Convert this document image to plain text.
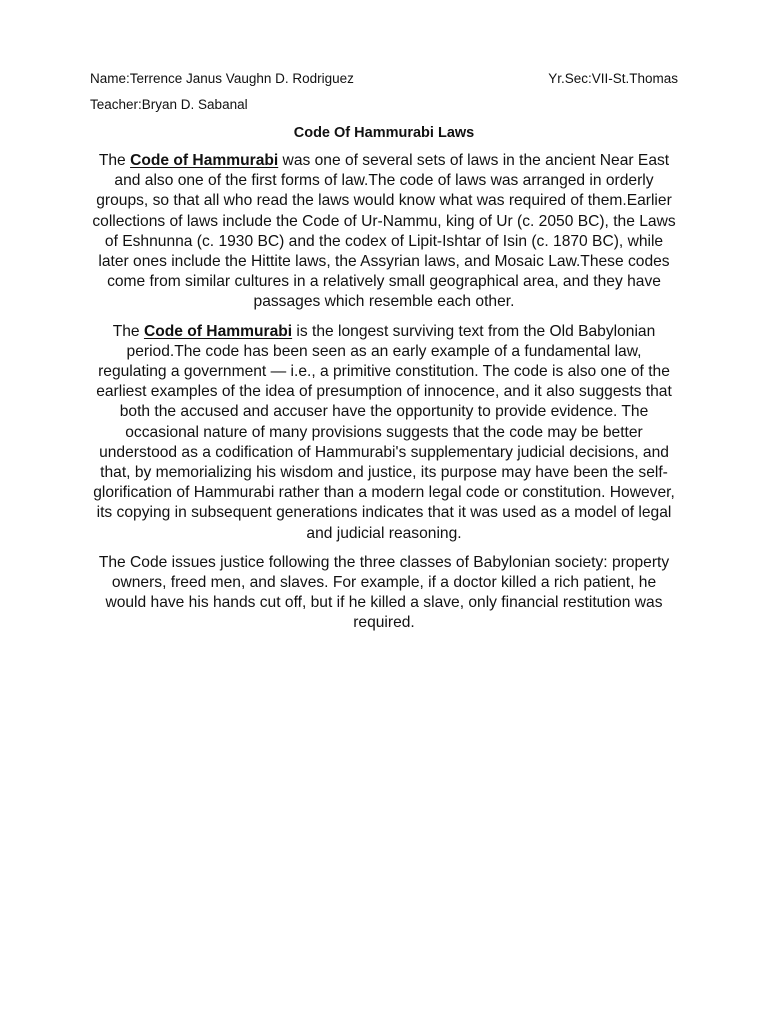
Name:Terrence Janus Vaughn D. Rodriguez	Yr.Sec:VII-St.Thomas
Teacher:Bryan D. Sabanal
Code Of Hammurabi Laws

The Code of Hammurabi was one of several sets of laws in the ancient Near East and also one of the first forms of law.The code of laws was arranged in orderly groups, so that all who read the laws would know what was required of them.Earlier collections of laws include the Code of Ur-Nammu, king of Ur (c. 2050 BC), the Laws of Eshnunna (c. 1930 BC) and the codex of Lipit-Ishtar of Isin (c. 1870 BC), while later ones include the Hittite laws, the Assyrian laws, and Mosaic Law.These codes come from similar cultures in a relatively small geographical area, and they have passages which resemble each other.

The Code of Hammurabi is the longest surviving text from the Old Babylonian period.The code has been seen as an early example of a fundamental law, regulating a government — i.e., a primitive constitution. The code is also one of the earliest examples of the idea of presumption of innocence, and it also suggests that both the accused and accuser have the opportunity to provide evidence. The occasional nature of many provisions suggests that the code may be better understood as a codification of Hammurabi's supplementary judicial decisions, and that, by memorializing his wisdom and justice, its purpose may have been the self-glorification of Hammurabi rather than a modern legal code or constitution. However, its copying in subsequent generations indicates that it was used as a model of legal and judicial reasoning.

The Code issues justice following the three classes of Babylonian society: property owners, freed men, and slaves. For example, if a doctor killed a rich patient, he would have his hands cut off, but if he killed a slave, only financial restitution was required.
